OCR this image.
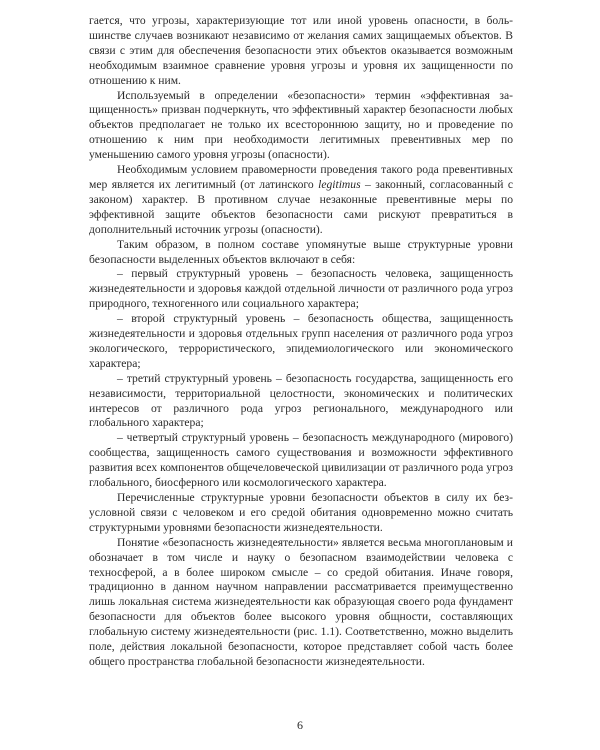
гается, что угрозы, характеризующие тот или иной уровень опасности, в большинстве случаев возникают независимо от желания самих защищаемых объектов. В связи с этим для обеспечения безопасности этих объектов оказывается возможным необходимым взаимное сравнение уровня угрозы и уровня их защищенности по отношению к ним.

Используемый в определении «безопасности» термин «эффективная защищенность» призван подчеркнуть, что эффективный характер безопасности любых объектов предполагает не только их всестороннюю защиту, но и проведение по отношению к ним при необходимости легитимных превентивных мер по уменьшению самого уровня угрозы (опасности).

Необходимым условием правомерности проведения такого рода превентивных мер является их легитимный (от латинского legitimus – законный, согласованный с законом) характер. В противном случае незаконные превентивные меры по эффективной защите объектов безопасности сами рискуют превратиться в дополнительный источник угрозы (опасности).

Таким образом, в полном составе упомянутые выше структурные уровни безопасности выделенных объектов включают в себя:

– первый структурный уровень – безопасность человека, защищенность жизнедеятельности и здоровья каждой отдельной личности от различного рода угроз природного, техногенного или социального характера;

– второй структурный уровень – безопасность общества, защищенность жизнедеятельности и здоровья отдельных групп населения от различного рода угроз экологического, террористического, эпидемиологического или экономического характера;

– третий структурный уровень – безопасность государства, защищенность его независимости, территориальной целостности, экономических и политических интересов от различного рода угроз регионального, международного или глобального характера;

– четвертый структурный уровень – безопасность международного (мирового) сообщества, защищенность самого существования и возможности эффективного развития всех компонентов общечеловеческой цивилизации от различного рода угроз глобального, биосферного или космологического характера.

Перечисленные структурные уровни безопасности объектов в силу их безусловной связи с человеком и его средой обитания одновременно можно считать структурными уровнями безопасности жизнедеятельности.

Понятие «безопасность жизнедеятельности» является весьма многоплановым и обозначает в том числе и науку о безопасном взаимодействии человека с техносферой, а в более широком смысле – со средой обитания. Иначе говоря, традиционно в данном научном направлении рассматривается преимущественно лишь локальная система жизнедеятельности как образующая своего рода фундамент безопасности для объектов более высокого уровня общности, составляющих глобальную систему жизнедеятельности (рис. 1.1). Соответственно, можно выделить поле, действия локальной безопасности, которое представляет собой часть более общего пространства глобальной безопасности жизнедеятельности.

6
